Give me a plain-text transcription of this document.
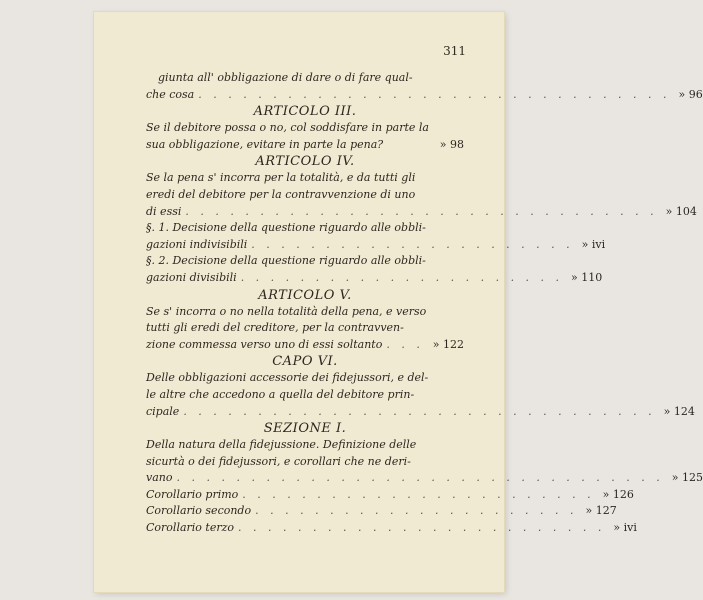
311
giunta all' obbligazione di dare o di fare qual-
che cosa . . . . . . . . . . . . . . . . . . . . . . . . . . . . . . . . » 96
ARTICOLO III.
Se il debitore possa o no, col soddisfare in parte la
sua obbligazione, evitare in parte la pena?	» 98
ARTICOLO IV.
Se la pena s' incorra per la totalità, e da tutti gli
eredi del debitore per la contravvenzione di uno
di essi . . . . . . . . . . . . . . . . . . . . . . . . . . . . . . . . » 104
§. 1. Decisione della questione riguardo alle obbli-
gazioni indivisibili . . . . . . . . . . . . . . . . . . . . . . » ivi
§. 2. Decisione della questione riguardo alle obbli-
gazioni divisibili . . . . . . . . . . . . . . . . . . . . . . » 110
ARTICOLO V.
Se s' incorra o no nella totalità della pena, e verso
tutti gli eredi del creditore, per la contravven-
zione commessa verso uno di essi soltanto . . . » 122
CAPO VI.
Delle obbligazioni accessorie dei fidejussori, e del-
le altre che accedono a quella del debitore prin-
cipale . . . . . . . . . . . . . . . . . . . . . . . . . . . . . . . . » 124
SEZIONE I.
Della natura della fidejussione. Definizione delle
sicurtà o dei fidejussori, e corollari che ne deri-
vano . . . . . . . . . . . . . . . . . . . . . . . . . . . . . . . . . » 125
Corollario primo . . . . . . . . . . . . . . . . . . . . . . . . » 126
Corollario secondo . . . . . . . . . . . . . . . . . . . . . . » 127
Corollario terzo . . . . . . . . . . . . . . . . . . . . . . . . . » ivi
